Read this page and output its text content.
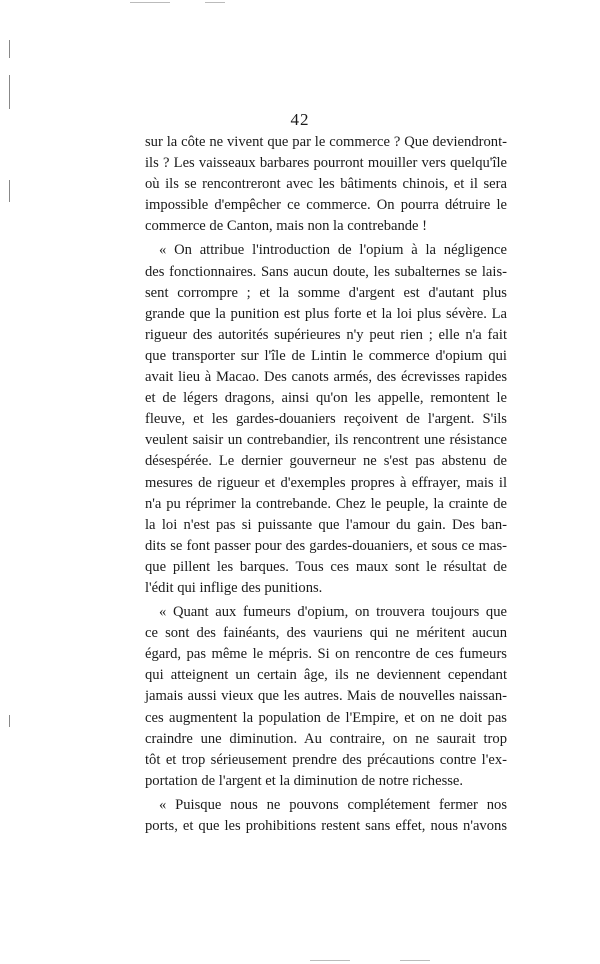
42
sur la côte ne vivent que par le commerce ? Que deviendront-
ils ? Les vaisseaux barbares pourront mouiller vers quelqu'île
où ils se rencontreront avec les bâtiments chinois, et il sera
impossible d'empêcher ce commerce. On pourra détruire le
commerce de Canton, mais non la contrebande !
« On attribue l'introduction de l'opium à la négligence
des fonctionnaires. Sans aucun doute, les subalternes se lais-
sent corrompre ; et la somme d'argent est d'autant plus
grande que la punition est plus forte et la loi plus sévère. La
rigueur des autorités supérieures n'y peut rien ; elle n'a fait
que transporter sur l'île de Lintin le commerce d'opium qui
avait lieu à Macao. Des canots armés, des écrevisses rapides
et de légers dragons, ainsi qu'on les appelle, remontent le
fleuve, et les gardes-douaniers reçoivent de l'argent. S'ils
veulent saisir un contrebandier, ils rencontrent une résistance
désespérée. Le dernier gouverneur ne s'est pas abstenu de
mesures de rigueur et d'exemples propres à effrayer, mais il
n'a pu réprimer la contrebande. Chez le peuple, la crainte de
la loi n'est pas si puissante que l'amour du gain. Des ban-
dits se font passer pour des gardes-douaniers, et sous ce mas-
que pillent les barques. Tous ces maux sont le résultat de
l'édit qui inflige des punitions.
« Quant aux fumeurs d'opium, on trouvera toujours que
ce sont des fainéants, des vauriens qui ne méritent aucun
égard, pas même le mépris. Si on rencontre de ces fumeurs
qui atteignent un certain âge, ils ne deviennent cependant
jamais aussi vieux que les autres. Mais de nouvelles naissan-
ces augmentent la population de l'Empire, et on ne doit pas
craindre une diminution. Au contraire, on ne saurait trop
tôt et trop sérieusement prendre des précautions contre l'ex-
portation de l'argent et la diminution de notre richesse.
« Puisque nous ne pouvons complétement fermer nos
ports, et que les prohibitions restent sans effet, nous n'avons
